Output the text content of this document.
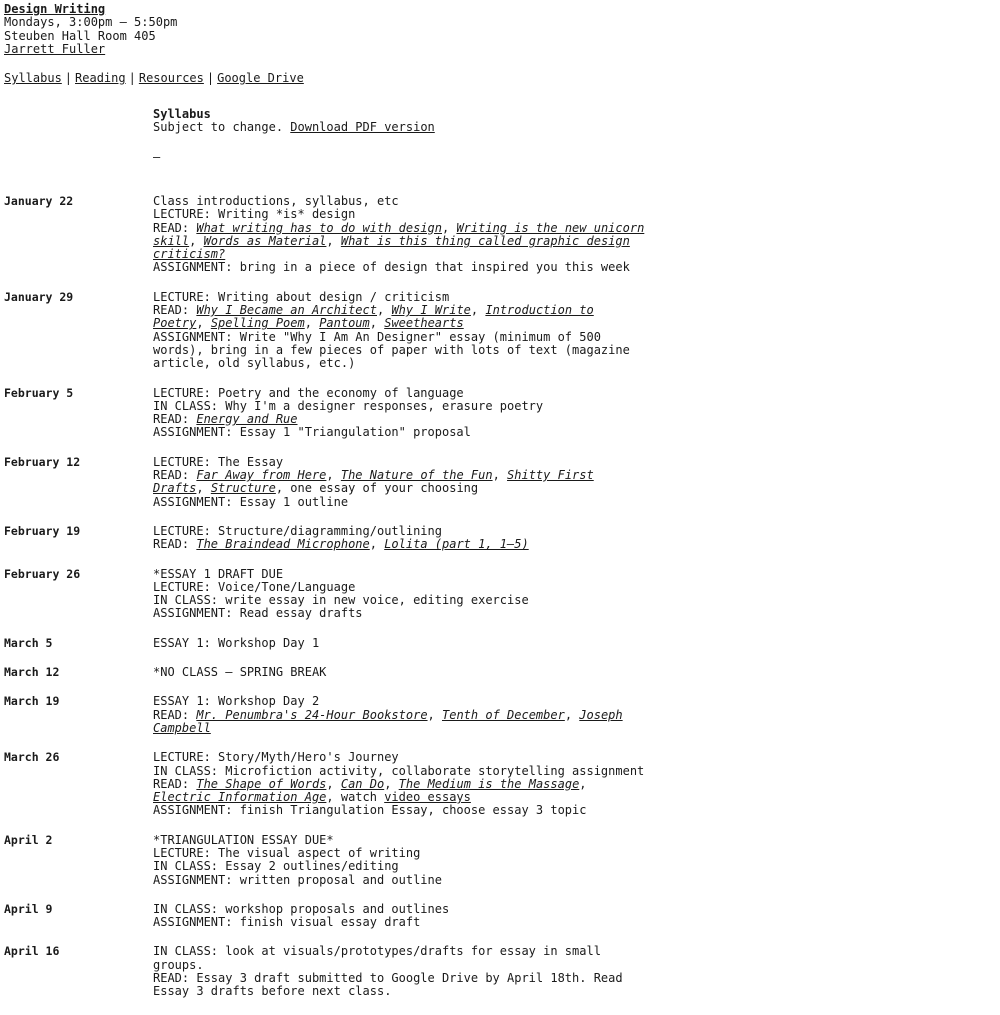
Design Writing
Mondays, 3:00pm – 5:50pm
Steuben Hall Room 405
Jarrett Fuller
Syllabus | Reading | Resources | Google Drive
Syllabus
Subject to change. Download PDF version
—
January 22	Class introductions, syllabus, etc
LECTURE: Writing *is* design
READ: What writing has to do with design, Writing is the new unicorn skill, Words as Material, What is this thing called graphic design criticism?
ASSIGNMENT: bring in a piece of design that inspired you this week
January 29	LECTURE: Writing about design / criticism
READ: Why I Became an Architect, Why I Write, Introduction to Poetry, Spelling Poem, Pantoum, Sweethearts
ASSIGNMENT: Write "Why I Am An Designer" essay (minimum of 500 words), bring in a few pieces of paper with lots of text (magazine article, old syllabus, etc.)
February 5	LECTURE: Poetry and the economy of language
IN CLASS: Why I'm a designer responses, erasure poetry
READ: Energy and Rue
ASSIGNMENT: Essay 1 "Triangulation" proposal
February 12	LECTURE: The Essay
READ: Far Away from Here, The Nature of the Fun, Shitty First Drafts, Structure, one essay of your choosing
ASSIGNMENT: Essay 1 outline
February 19	LECTURE: Structure/diagramming/outlining
READ: The Braindead Microphone, Lolita (part 1, 1–5)
February 26	*ESSAY 1 DRAFT DUE
LECTURE: Voice/Tone/Language
IN CLASS: write essay in new voice, editing exercise
ASSIGNMENT: Read essay drafts
March 5	ESSAY 1: Workshop Day 1
March 12	*NO CLASS – SPRING BREAK
March 19	ESSAY 1: Workshop Day 2
READ: Mr. Penumbra's 24-Hour Bookstore, Tenth of December, Joseph Campbell
March 26	LECTURE: Story/Myth/Hero's Journey
IN CLASS: Microfiction activity, collaborate storytelling assignment
READ: The Shape of Words, Can Do, The Medium is the Massage, Electric Information Age, watch video essays
ASSIGNMENT: finish Triangulation Essay, choose essay 3 topic
April 2	*TRIANGULATION ESSAY DUE*
LECTURE: The visual aspect of writing
IN CLASS: Essay 2 outlines/editing
ASSIGNMENT: written proposal and outline
April 9	IN CLASS: workshop proposals and outlines
ASSIGNMENT: finish visual essay draft
April 16	IN CLASS: look at visuals/prototypes/drafts for essay in small groups.
READ: Essay 3 draft submitted to Google Drive by April 18th. Read Essay 3 drafts before next class.
